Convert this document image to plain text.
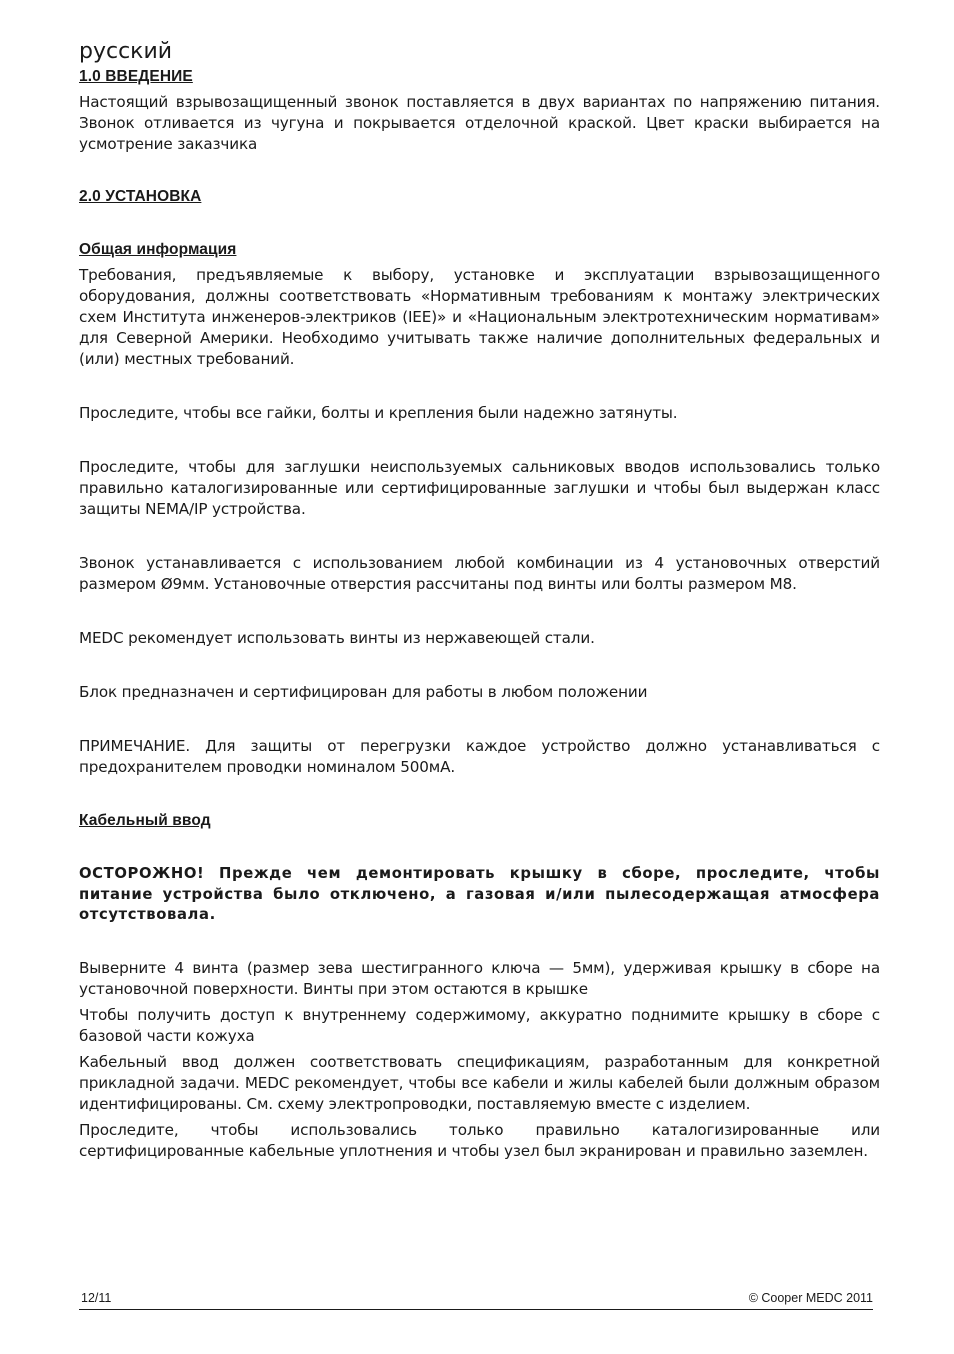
русский
1.0 ВВЕДЕНИЕ
Настоящий взрывозащищенный звонок поставляется в двух вариантах по напряжению питания. Звонок отливается из чугуна и покрывается отделочной краской. Цвет краски выбирается на усмотрение заказчика
2.0 УСТАНОВКА
Общая информация
Требования, предъявляемые к выбору, установке и эксплуатации взрывозащищенного оборудования, должны соответствовать «Нормативным требованиям к монтажу электрических схем Института инженеров-электриков (IEE)» и «Национальным электротехническим нормативам» для Северной Америки. Необходимо учитывать также наличие дополнительных федеральных и (или) местных требований.
Проследите, чтобы все гайки, болты и крепления были надежно затянуты.
Проследите, чтобы для заглушки неиспользуемых сальниковых вводов использовались только правильно каталогизированные или сертифицированные заглушки и чтобы был выдержан класс защиты NEMA/IP устройства.
Звонок устанавливается с использованием любой комбинации из 4 установочных отверстий размером Ø9мм. Установочные отверстия рассчитаны под винты или болты размером M8.
MEDC рекомендует использовать винты из нержавеющей стали.
Блок предназначен и сертифицирован для работы в любом положении
ПРИМЕЧАНИЕ. Для защиты от перегрузки каждое устройство должно устанавливаться с предохранителем проводки номиналом 500мА.
Кабельный ввод
ОСТОРОЖНО! Прежде чем демонтировать крышку в сборе, проследите, чтобы питание устройства было отключено, а газовая и/или пылесодержащая атмосфера отсутствовала.
Выверните 4 винта (размер зева шестигранного ключа — 5мм), удерживая крышку в сборе на установочной поверхности. Винты при этом остаются в крышке
Чтобы получить доступ к внутреннему содержимому, аккуратно поднимите крышку в сборе с базовой части кожуха
Кабельный ввод должен соответствовать спецификациям, разработанным для конкретной прикладной задачи. MEDC рекомендует, чтобы все кабели и жилы кабелей были должным образом идентифицированы. См. схему электропроводки, поставляемую вместе с изделием.
Проследите, чтобы использовались только правильно каталогизированные или сертифицированные кабельные уплотнения и чтобы узел был экранирован и правильно заземлен.
12/11	© Cooper MEDC 2011
